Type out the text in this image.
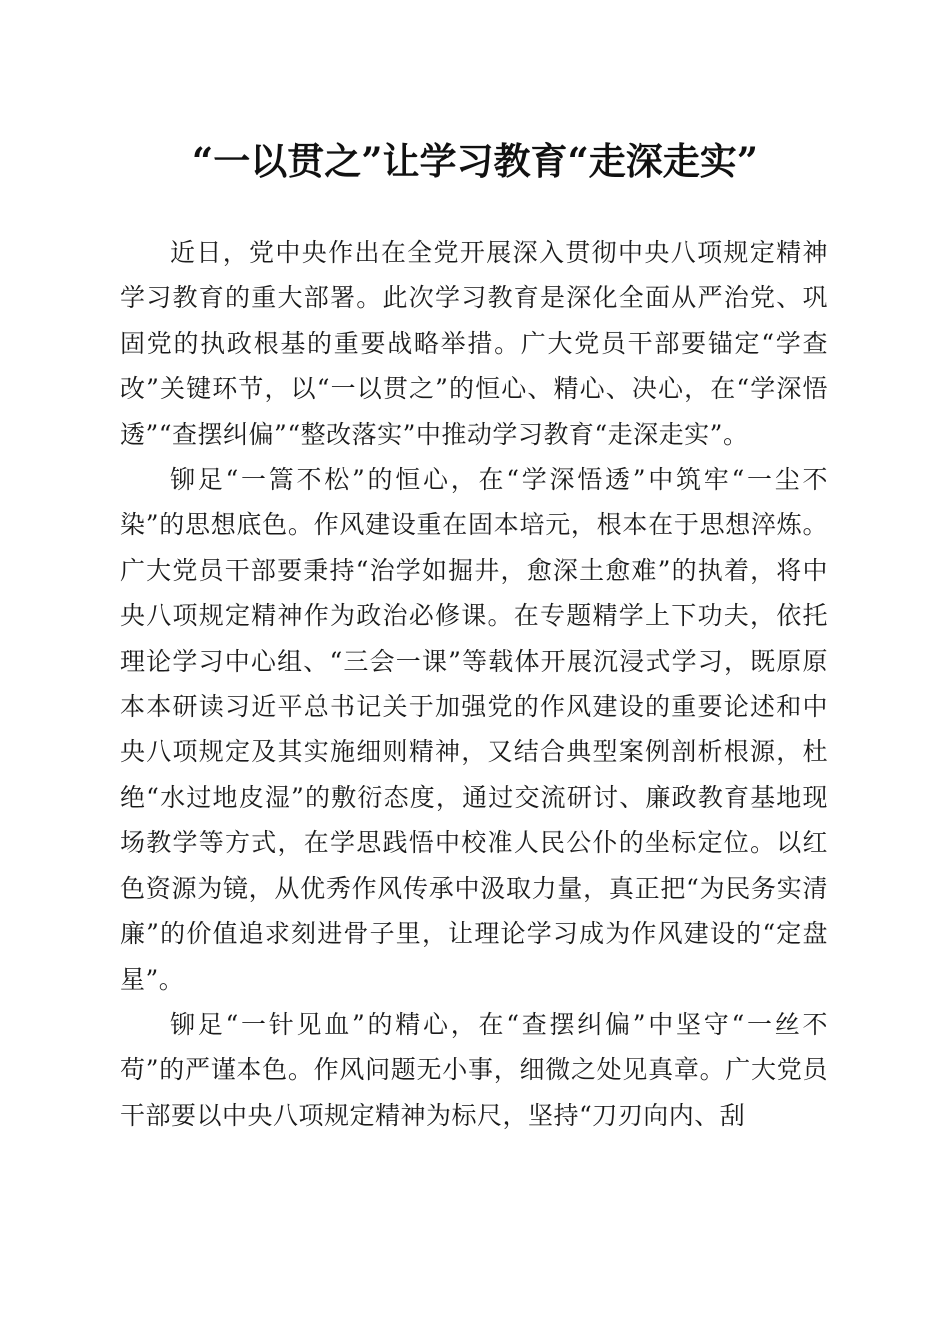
“一以贯之”让学习教育“走深走实”

近日，党中央作出在全党开展深入贯彻中央八项规定精神学习教育的重大部署。此次学习教育是深化全面从严治党、巩固党的执政根基的重要战略举措。广大党员干部要锚定“学查改”关键环节，以“一以贯之”的恒心、精心、决心，在“学深悟透”“查摆纠偏”“整改落实”中推动学习教育“走深走实”。

铆足“一篙不松”的恒心，在“学深悟透”中筑牢“一尘不染”的思想底色。作风建设重在固本培元，根本在于思想淬炼。广大党员干部要秉持“治学如掘井，愈深土愈难”的执着，将中央八项规定精神作为政治必修课。在专题精学上下功夫，依托理论学习中心组、“三会一课”等载体开展沉浸式学习，既原原本本研读习近平总书记关于加强党的作风建设的重要论述和中央八项规定及其实施细则精神，又结合典型案例剖析根源，杜绝“水过地皮湿”的敷衍态度，通过交流研讨、廉政教育基地现场教学等方式，在学思践悟中校准人民公仆的坐标定位。以红色资源为镜，从优秀作风传承中汲取力量，真正把“为民务实清廉”的价值追求刻进骨子里，让理论学习成为作风建设的“定盘星”。

铆足“一针见血”的精心，在“查摆纠偏”中坚守“一丝不苟”的严谨本色。作风问题无小事，细微之处见真章。广大党员干部要以中央八项规定精神为标尺，坚持“刀刃向内、刮
